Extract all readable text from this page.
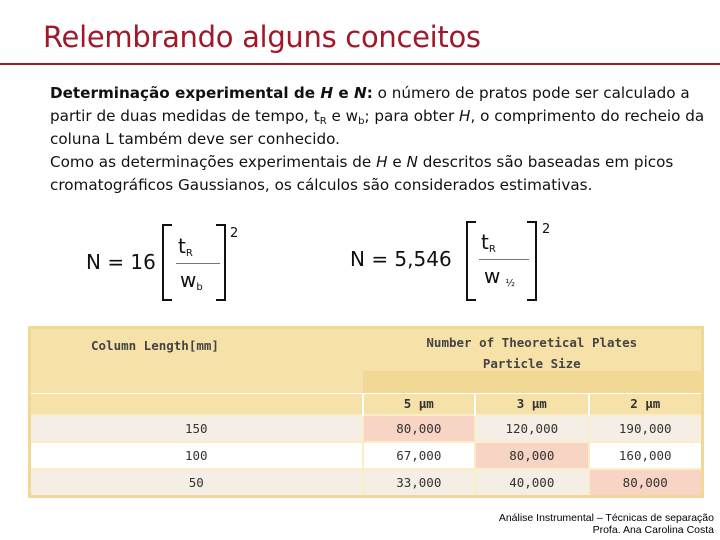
Relembrando alguns conceitos

Determinação experimental de H e N: o número de pratos pode ser calculado a partir de duas medidas de tempo, $t_R$ e $w_b$; para obter H, o comprimento do recheio da coluna L também deve ser conhecido.

Como as determinações experimentais de H e N descritos são baseadas em picos cromatográficos Gaussianos, os cálculos são considerados estimativas.

N = 16
$t_R$
$w_b$
2
N = 5,546
$t_R$
w $_{\frac{1}{2}}$
2
Column Length[mm]	Number of Theoretical Plates
Particle Size		

	5 µm	3 µm	2 µm
150	80,000	120,000	190,000
100	67,000	80,000	160,000
50	33,000	40,000	80,000
Análise Instrumental – Técnicas de separação
Profa. Ana Carolina Costa
